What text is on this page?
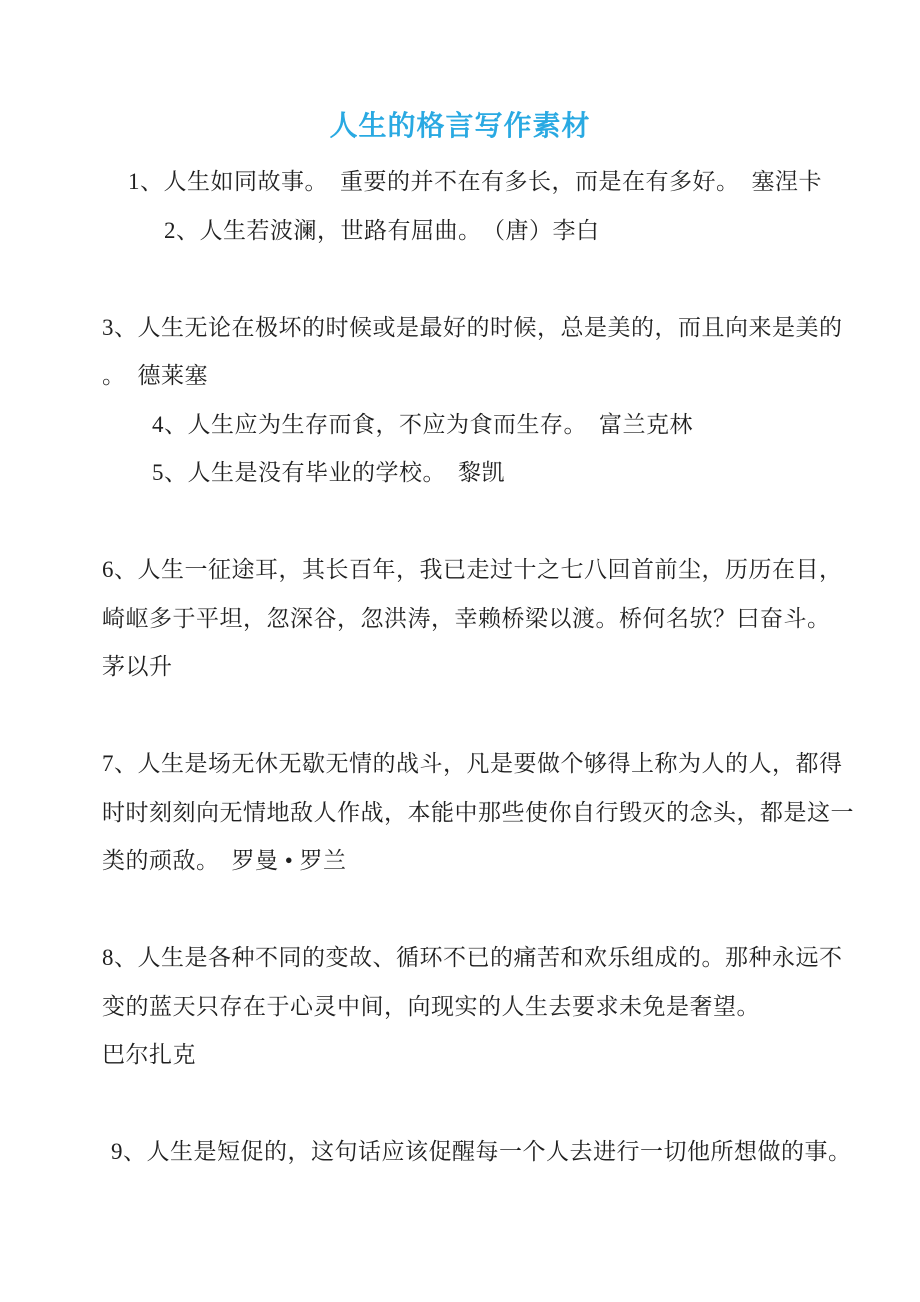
人生的格言写作素材
1、人生如同故事。　重要的并不在有多长，而是在有多好。　塞涅卡
2、人生若波澜，世路有屈曲。　（唐）李白
3、人生无论在极坏的时候或是最好的时候，总是美的，而且向来是美的
。　德莱塞
4、人生应为生存而食，不应为食而生存。　富兰克林
5、人生是没有毕业的学校。　黎凯
6、人生一征途耳，其长百年，我已走过十之七八回首前尘，历历在目，
崎岖多于平坦，忽深谷，忽洪涛，幸赖桥梁以渡。桥何名欤？曰奋斗。
茅以升
7、人生是场无休无歇无情的战斗，凡是要做个够得上称为人的人，都得
时时刻刻向无情地敌人作战，本能中那些使你自行毁灭的念头，都是这一
类的顽敌。　罗曼 • 罗兰
8、人生是各种不同的变故、循环不已的痛苦和欢乐组成的。那种永远不
变的蓝天只存在于心灵中间，向现实的人生去要求未免是奢望。
巴尔扎克
9、人生是短促的，这句话应该促醒每一个人去进行一切他所想做的事。
